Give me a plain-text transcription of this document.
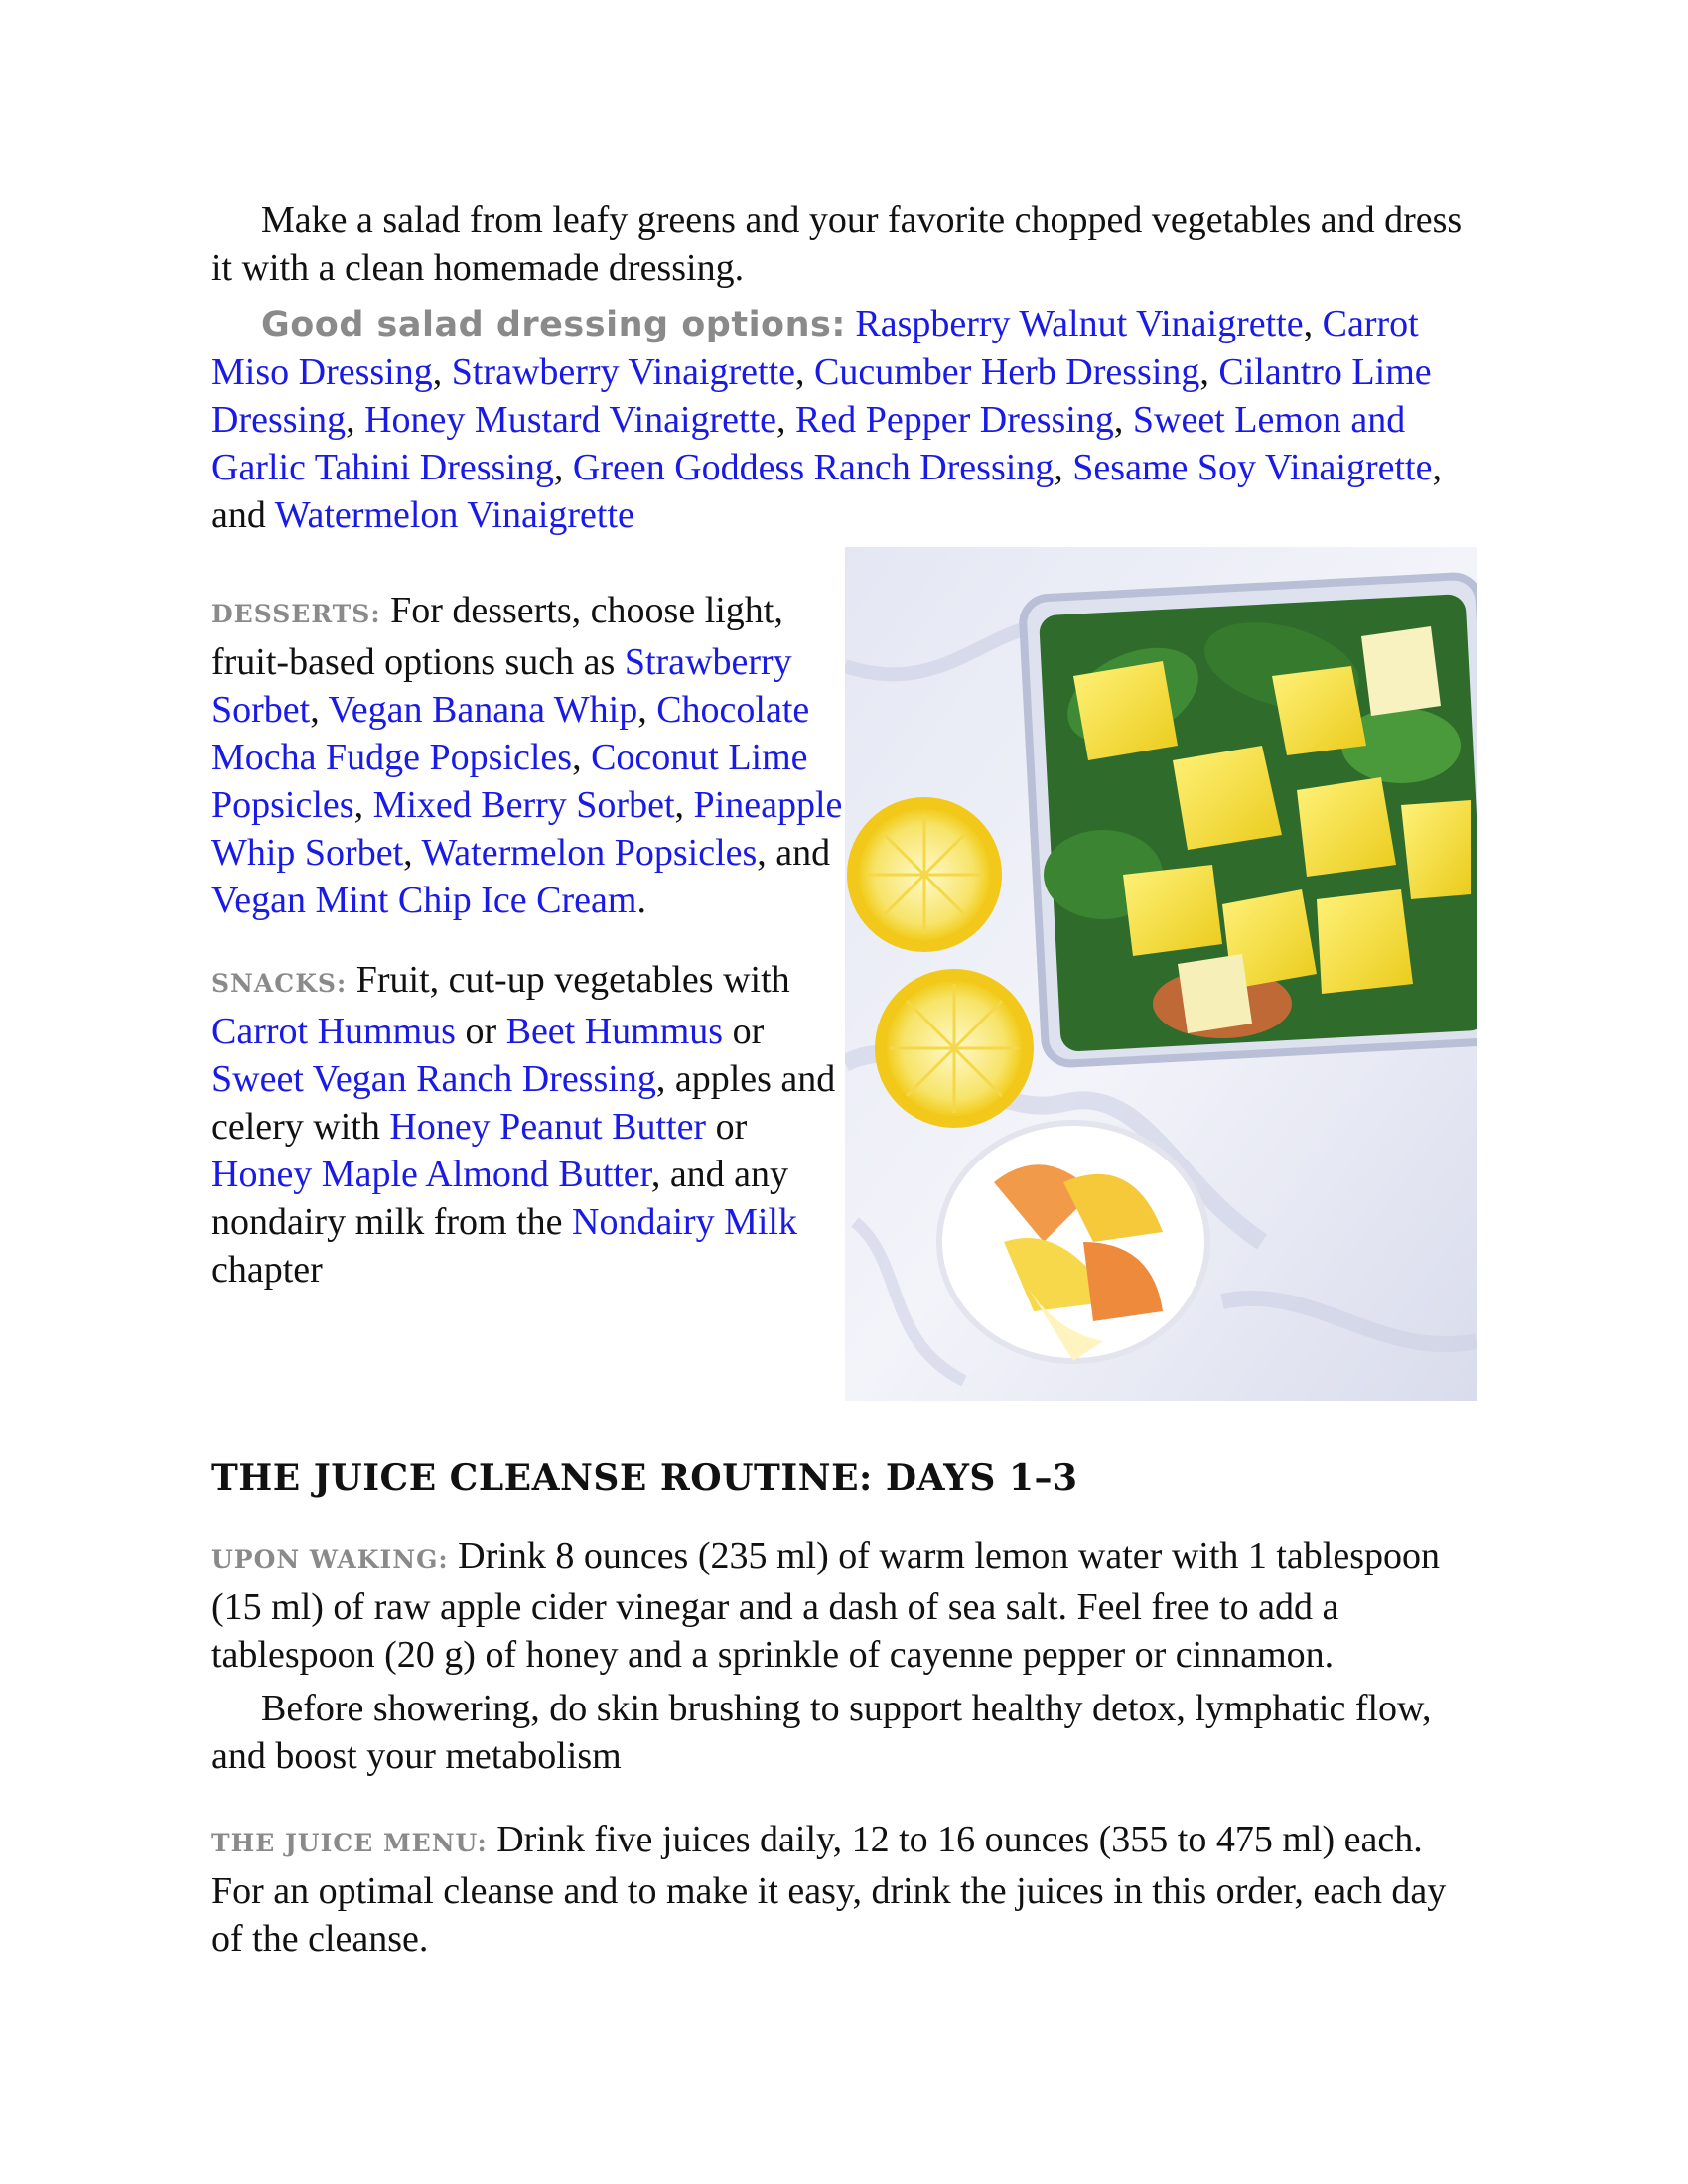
Make a salad from leafy greens and your favorite chopped vegetables and dress it with a clean homemade dressing.

Good salad dressing options: Raspberry Walnut Vinaigrette, Carrot Miso Dressing, Strawberry Vinaigrette, Cucumber Herb Dressing, Cilantro Lime Dressing, Honey Mustard Vinaigrette, Red Pepper Dressing, Sweet Lemon and Garlic Tahini Dressing, Green Goddess Ranch Dressing, Sesame Soy Vinaigrette, and Watermelon Vinaigrette

DESSERTS: For desserts, choose light, fruit-based options such as Strawberry Sorbet, Vegan Banana Whip, Chocolate Mocha Fudge Popsicles, Coconut Lime Popsicles, Mixed Berry Sorbet, Pineapple Whip Sorbet, Watermelon Popsicles, and Vegan Mint Chip Ice Cream.

SNACKS: Fruit, cut-up vegetables with Carrot Hummus or Beet Hummus or Sweet Vegan Ranch Dressing, apples and celery with Honey Peanut Butter or Honey Maple Almond Butter, and any nondairy milk from the Nondairy Milk chapter

THE JUICE CLEANSE ROUTINE: DAYS 1–3

UPON WAKING: Drink 8 ounces (235 ml) of warm lemon water with 1 tablespoon (15 ml) of raw apple cider vinegar and a dash of sea salt. Feel free to add a tablespoon (20 g) of honey and a sprinkle of cayenne pepper or cinnamon.

Before showering, do skin brushing to support healthy detox, lymphatic flow, and boost your metabolism

THE JUICE MENU: Drink five juices daily, 12 to 16 ounces (355 to 475 ml) each. For an optimal cleanse and to make it easy, drink the juices in this order, each day of the cleanse.
